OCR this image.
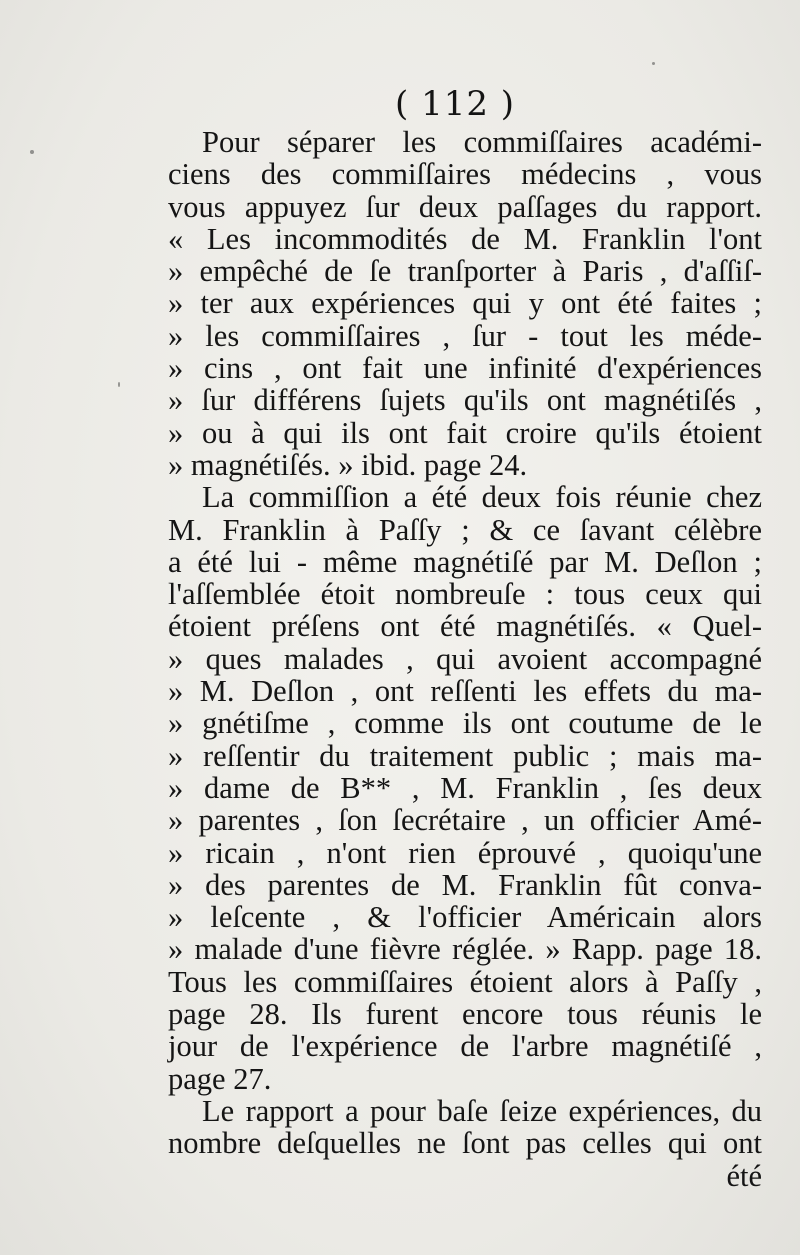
( 112 )
Pour séparer les commiſſaires académi-
ciens des commiſſaires médecins , vous
vous appuyez ſur deux paſſages du rapport.
« Les incommodités de M. Franklin l'ont
» empêché de ſe tranſporter à Paris , d'aſſiſ-
» ter aux expériences qui y ont été faites ;
» les commiſſaires , ſur - tout les méde-
» cins , ont fait une infinité d'expériences
» ſur différens ſujets qu'ils ont magnétiſés ,
» ou à qui ils ont fait croire qu'ils étoient
» magnétiſés. » ibid. page 24.
La commiſſion a été deux fois réunie chez
M. Franklin à Paſſy ; & ce ſavant célèbre
a été lui - même magnétiſé par M. Deſlon ;
l'aſſemblée étoit nombreuſe : tous ceux qui
étoient préſens ont été magnétiſés. « Quel-
» ques malades , qui avoient accompagné
» M. Deſlon , ont reſſenti les effets du ma-
» gnétiſme , comme ils ont coutume de le
» reſſentir du traitement public ; mais ma-
» dame de B** , M. Franklin , ſes deux
» parentes , ſon ſecrétaire , un officier Amé-
» ricain , n'ont rien éprouvé , quoiqu'une
» des parentes de M. Franklin fût conva-
» leſcente , & l'officier Américain alors
» malade d'une fièvre réglée. » Rapp. page 18.
Tous les commiſſaires étoient alors à Paſſy ,
page 28. Ils furent encore tous réunis le
jour de l'expérience de l'arbre magnétiſé ,
page 27.
Le rapport a pour baſe ſeize expériences, du
nombre deſquelles ne ſont pas celles qui ont
été
